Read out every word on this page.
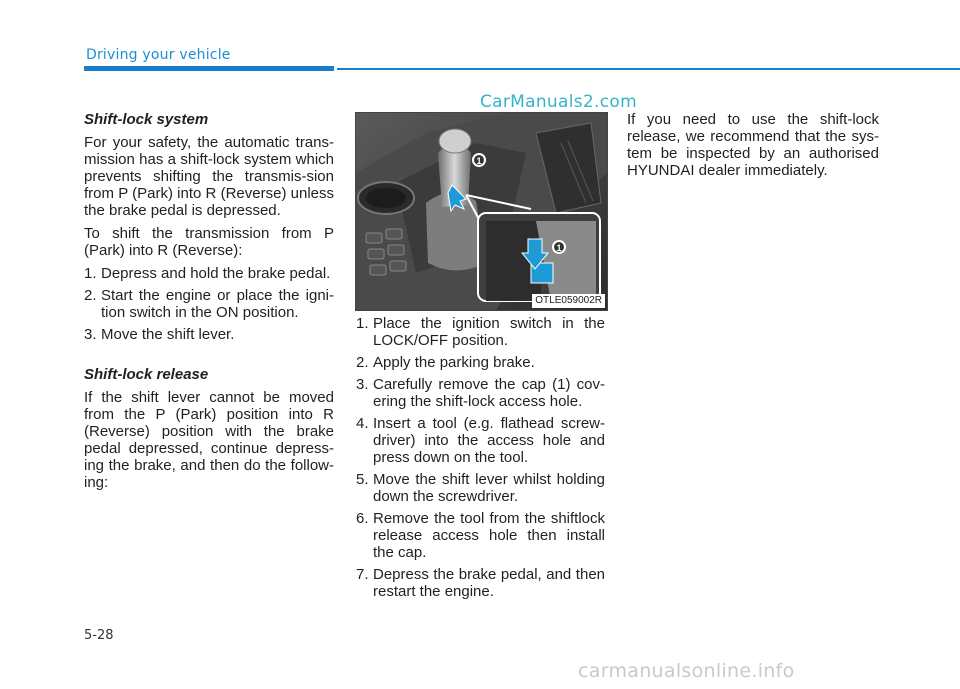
Driving your vehicle
CarManuals2.com
Shift-lock system
For your safety, the automatic trans-mission has a shift-lock system which prevents shifting the transmis-sion from P (Park) into R (Reverse) unless the brake pedal is depressed.
To shift the transmission from P (Park) into R (Reverse):
1. Depress and hold the brake pedal.
2. Start the engine or place the igni-tion switch in the ON position.
3. Move the shift lever.
Shift-lock release
If the shift lever cannot be moved from the P (Park) position into R (Reverse) position with the brake pedal depressed, continue depress-ing the brake, and then do the follow-ing:
1
1
OTLE059002R
1. Place the ignition switch in the LOCK/OFF position.
2. Apply the parking brake.
3. Carefully remove the cap (1) cov-ering the shift-lock access hole.
4. Insert a tool (e.g. flathead screw-driver) into the access hole and press down on the tool.
5. Move the shift lever whilst holding down the screwdriver.
6. Remove the tool from the shiftlock release access hole then install the cap.
7. Depress the brake pedal, and then restart the engine.
If you need to use the shift-lock release, we recommend that the sys-tem be inspected by an authorised HYUNDAI dealer immediately.
5-28
carmanualsonline.info
